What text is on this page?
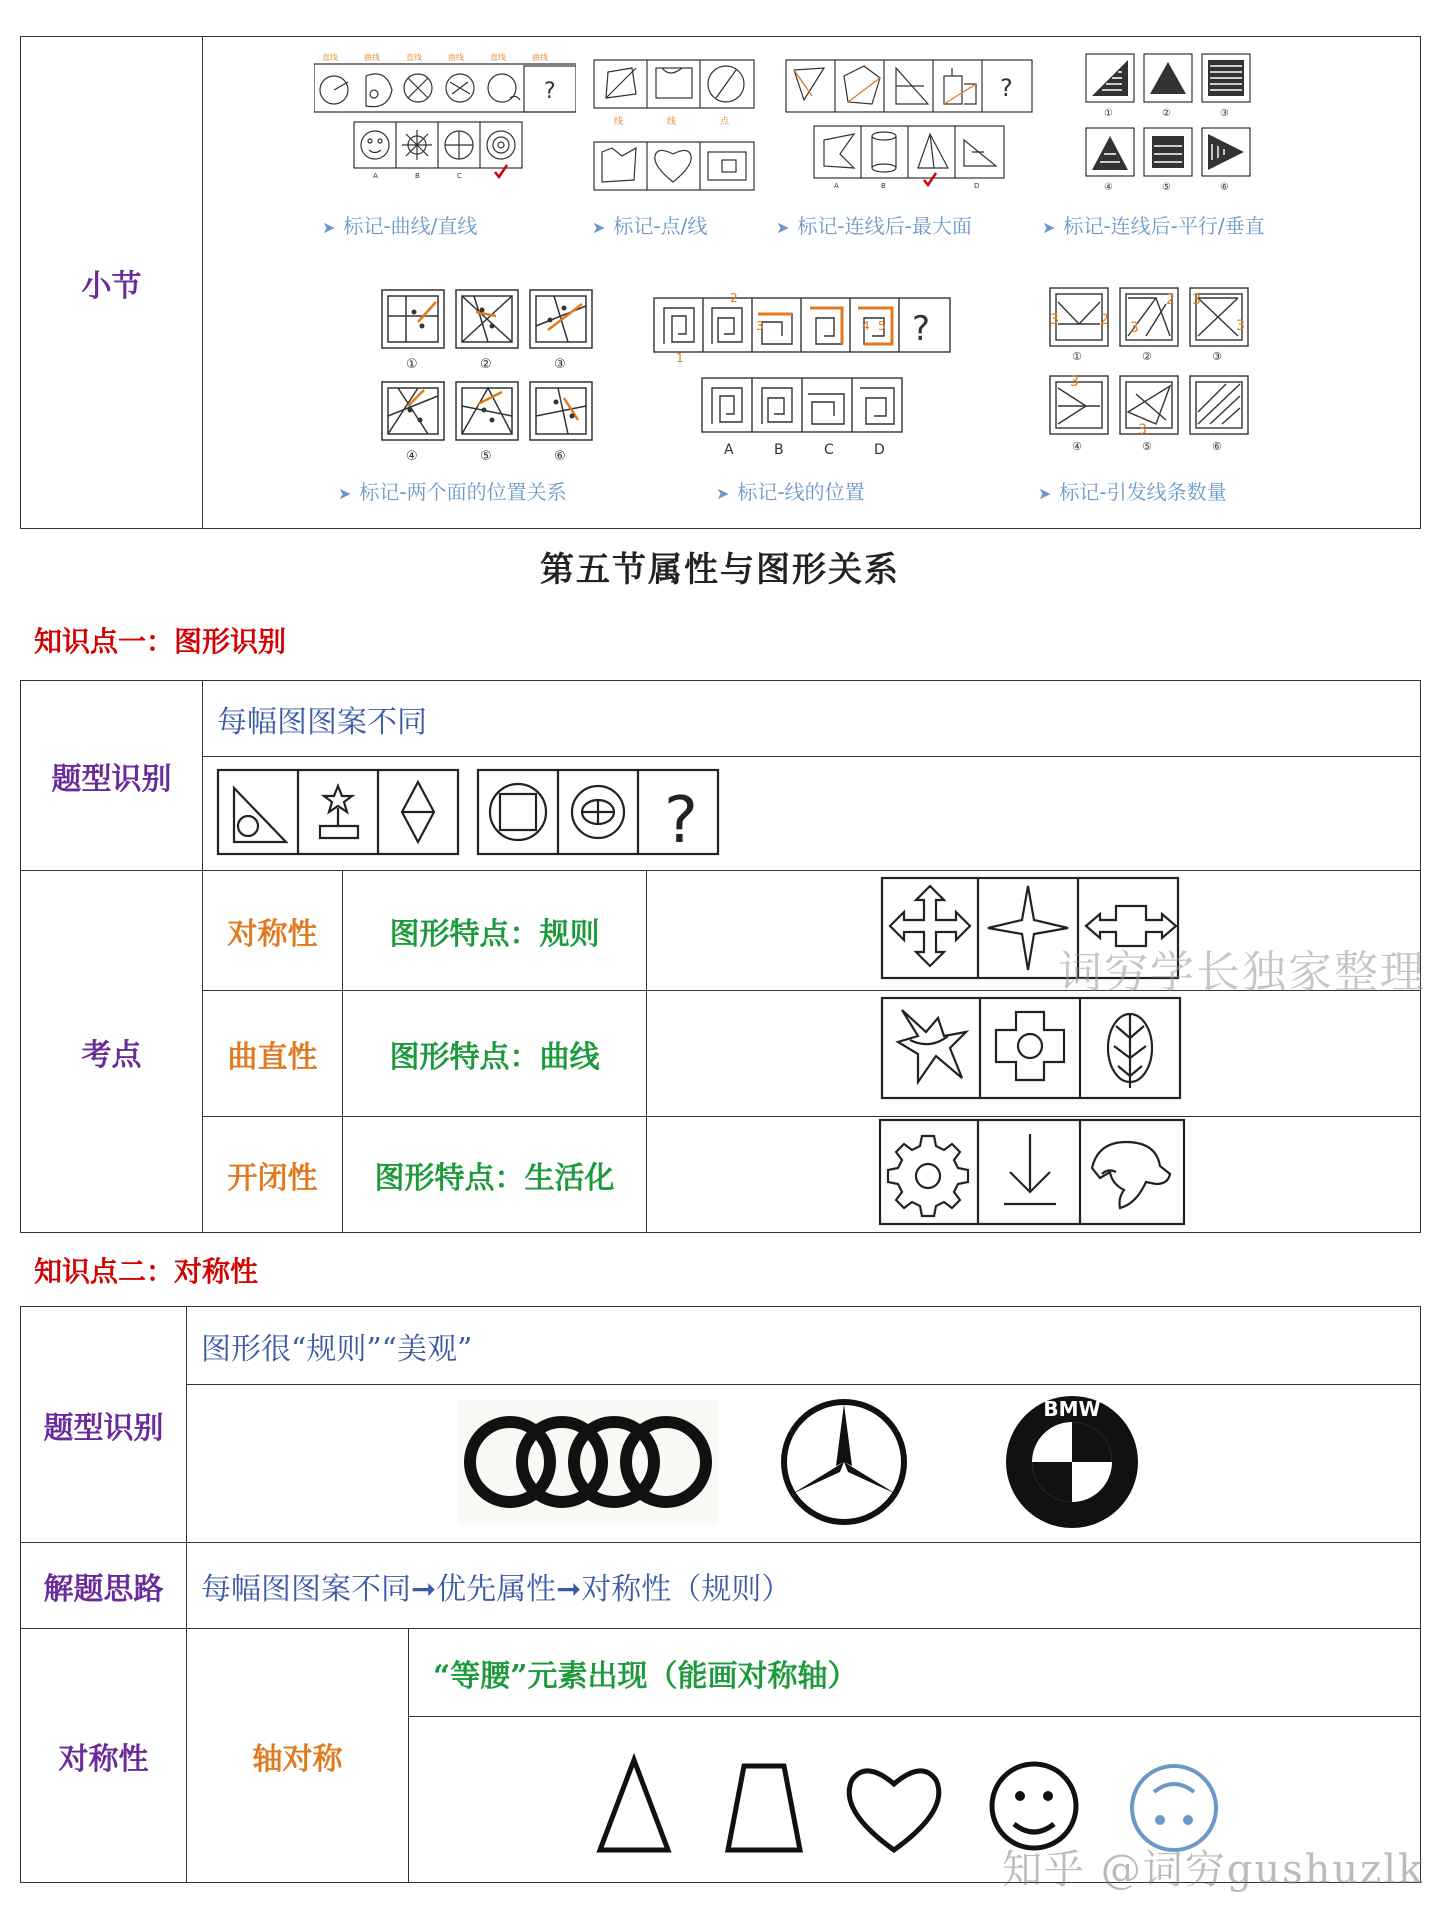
小节	
直线	曲线	直线	曲线	直线	曲线
?
A	B	C
线	线	点
?
A	B	D
①	②	③
④	⑤	⑥
➤ 标记-曲线/直线	➤ 标记-点/线	➤ 标记-连线后-最大面	➤ 标记-连线后-平行/垂直
①	②	③
④	⑤	⑥
2
1
4 5
3	?
A	B	C	D
3	2 3
2 3
3
3
3
①	②	③
④	⑤	⑥
➤ 标记-两个面的位置关系	➤ 标记-线的位置	➤ 标记-引发线条数量
第五节属性与图形关系
知识点一：图形识别
题型识别	每幅图图案不同		

考点	对称性	图形特点：规则	
	曲直性	图形特点：曲线	
	开闭性	图形特点：生活化	
?
词穷学长独家整理
知识点二：对称性
题型识别	图形很“规则”“美观”	

解题思路	每幅图图案不同➞优先属性➞对称性（规则）	
对称性	轴对称	“等腰”元素出现（能画对称轴）

BMW
知乎 @词穷gushuzlk
